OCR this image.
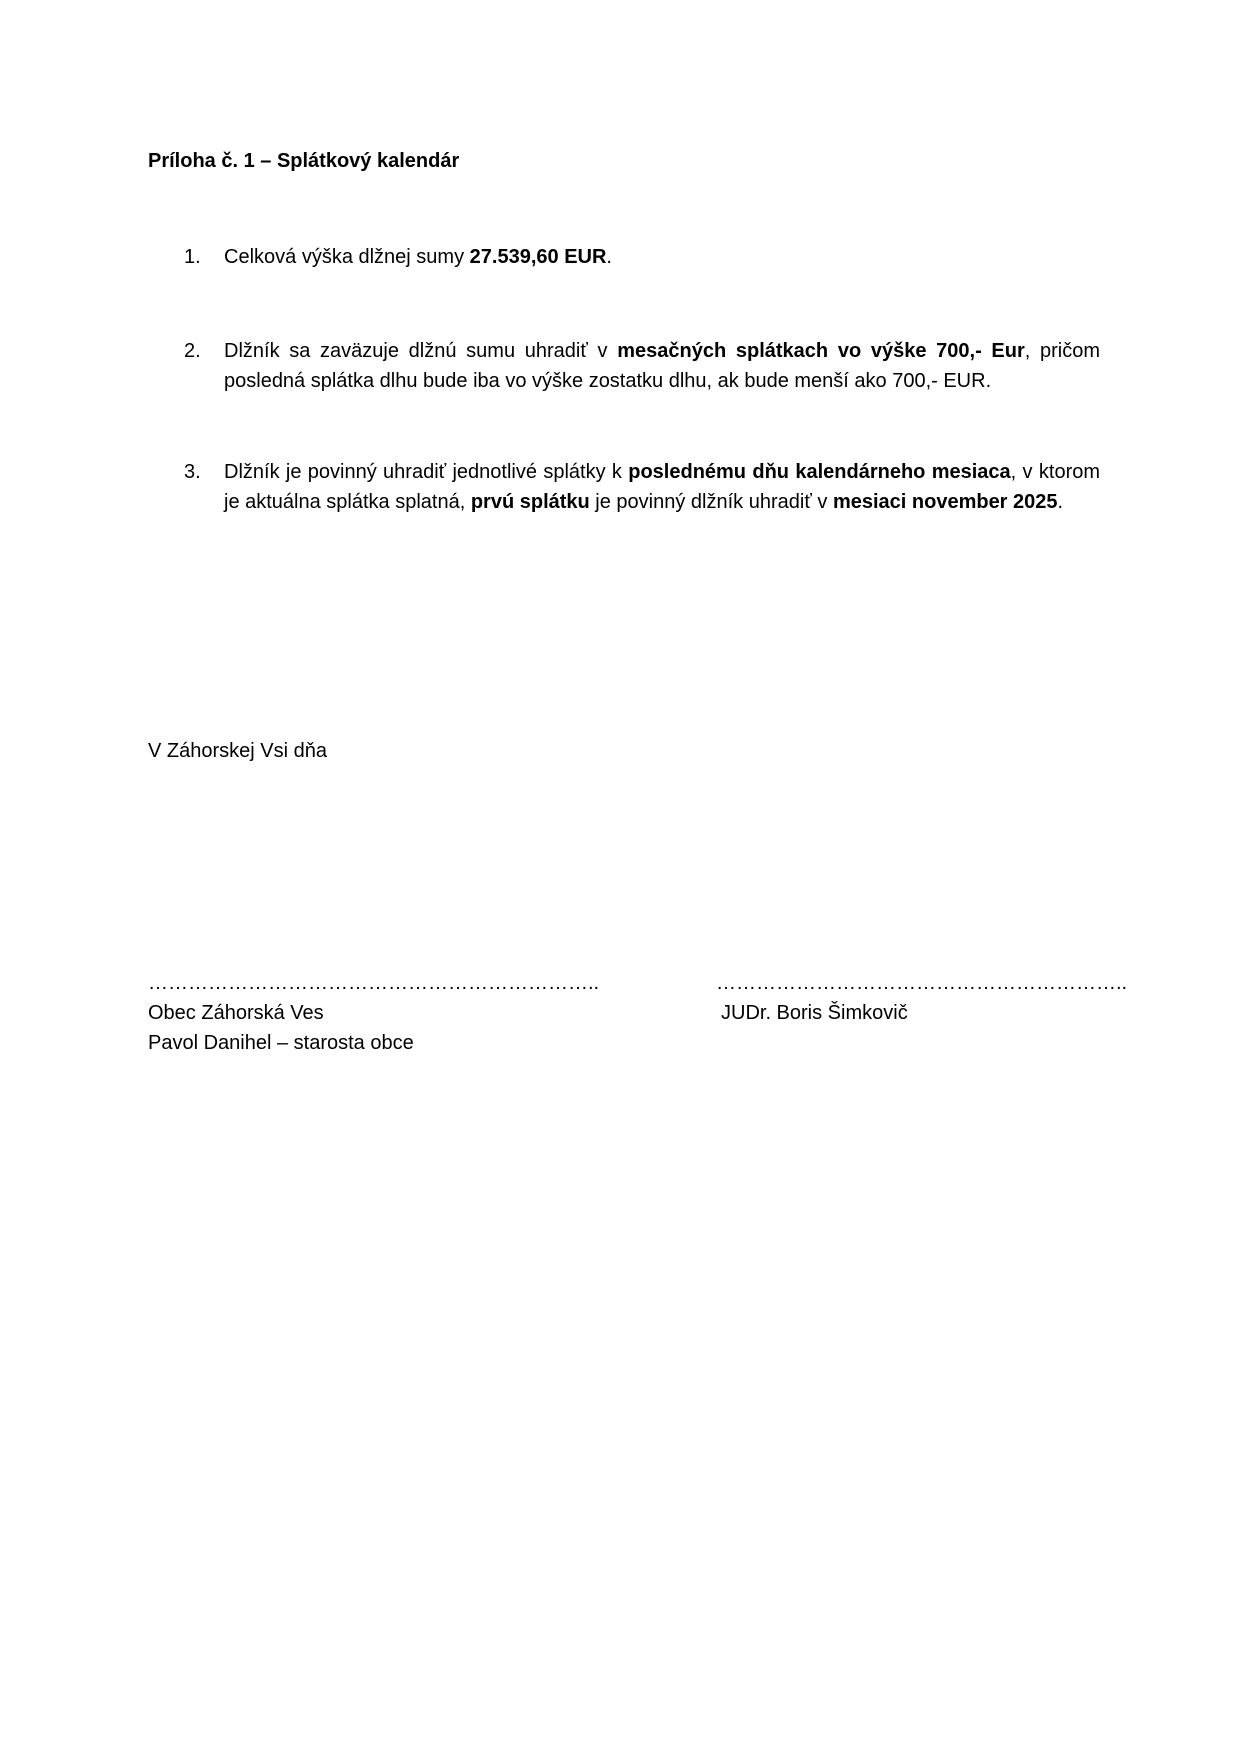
Príloha č. 1 – Splátkový kalendár
1.	Celková výška dlžnej sumy 27.539,60 EUR.
2.	Dlžník sa zaväzuje dlžnú sumu uhradiť v mesačných splátkach vo výške 700,- Eur, pričom posledná splátka dlhu bude iba vo výške zostatku dlhu, ak bude menší ako 700,- EUR.
3.	Dlžník je povinný uhradiť jednotlivé splátky k poslednému dňu kalendárneho mesiaca, v ktorom je aktuálna splátka splatná, prvú splátku je povinný dlžník uhradiť v mesiaci november 2025.
V Záhorskej Vsi dňa
…………………………………………………………..
Obec Záhorská Ves
Pavol Danihel – starosta obce
……………………………………………………..
JUDr. Boris Šimkovič
